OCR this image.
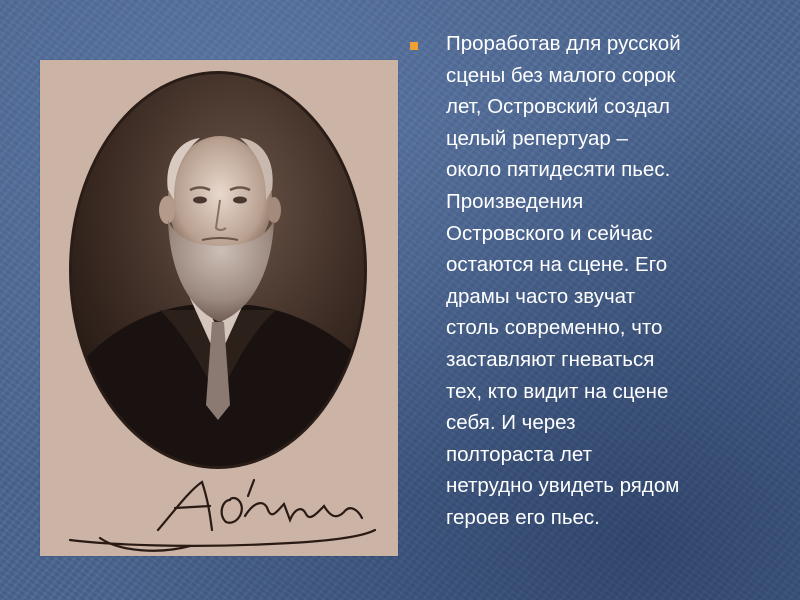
Проработав для русской
сцены без малого сорок
лет, Островский создал
целый репертуар –
около пятидесяти пьес.
Произведения
Островского и сейчас
остаются на сцене. Его
драмы часто звучат
столь современно, что
заставляют гневаться
тех, кто видит на сцене
себя. И через
полтораста лет
нетрудно увидеть рядом
героев его пьес.
